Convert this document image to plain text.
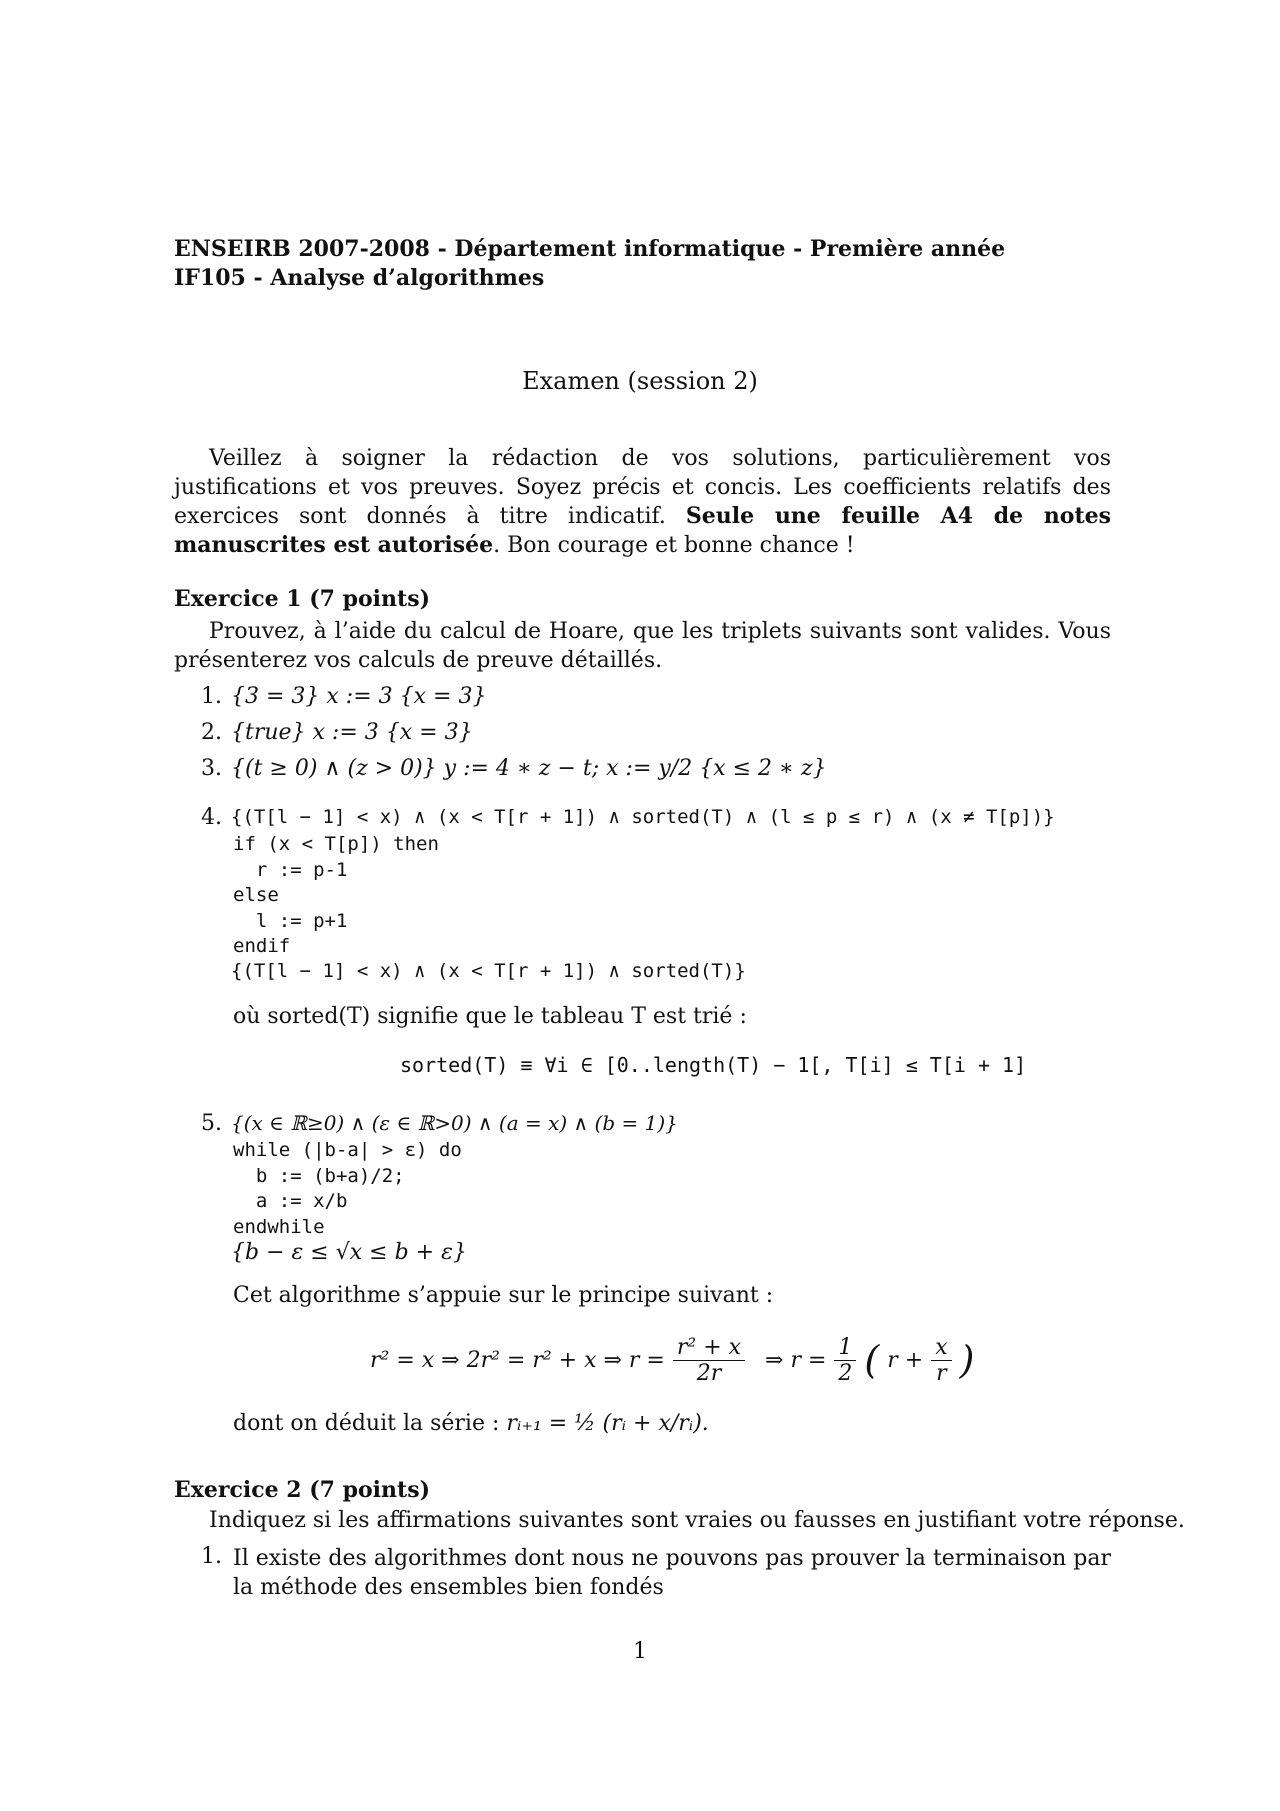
ENSEIRB 2007-2008 - Département informatique - Première année
IF105 - Analyse d’algorithmes
Examen (session 2)
Veillez à soigner la rédaction de vos solutions, particulièrement vos justifications et vos preuves. Soyez précis et concis. Les coefficients relatifs des exercices sont donnés à titre indicatif. Seule une feuille A4 de notes manuscrites est autorisée. Bon courage et bonne chance !
Exercice 1 (7 points)
Prouvez, à l’aide du calcul de Hoare, que les triplets suivants sont valides. Vous présenterez vos calculs de preuve détaillés.
1. {3 = 3} x := 3 {x = 3}
2. {true} x := 3 {x = 3}
3. {(t ≥ 0) ∧ (z > 0)} y := 4 ∗ z − t; x := y/2 {x ≤ 2 ∗ z}
4. {(T[l − 1] < x) ∧ (x < T[r + 1]) ∧ sorted(T) ∧ (l ≤ p ≤ r) ∧ (x ≠ T[p])}
if (x < T[p]) then
r := p-1
else
l := p+1
endif
{(T[l − 1] < x) ∧ (x < T[r + 1]) ∧ sorted(T)}
où sorted(T) signifie que le tableau T est trié :
sorted(T) ≡ ∀i ∈ [0..length(T) − 1[, T[i] ≤ T[i + 1]
5. {(x ∈ ℝ≥0) ∧ (ε ∈ ℝ>0) ∧ (a = x) ∧ (b = 1)}
while (|b-a| > ε) do
b := (b+a)/2;
a := x/b
endwhile
{b − ε ≤ √x ≤ b + ε}
Cet algorithme s’appuie sur le principe suivant :
r² = x ⇒ 2r² = r² + x ⇒ $r = \frac{\text{r² + x}}{2r}$ ⇒ $r = \frac{1}{2}$ ( $r + \frac{x}{r}$ )
dont on déduit la série : rᵢ₊₁ = ½ (rᵢ + x/rᵢ).
Exercice 2 (7 points)
Indiquez si les affirmations suivantes sont vraies ou fausses en justifiant votre réponse.
1. Il existe des algorithmes dont nous ne pouvons pas prouver la terminaison par la méthode des ensembles bien fondés
1
